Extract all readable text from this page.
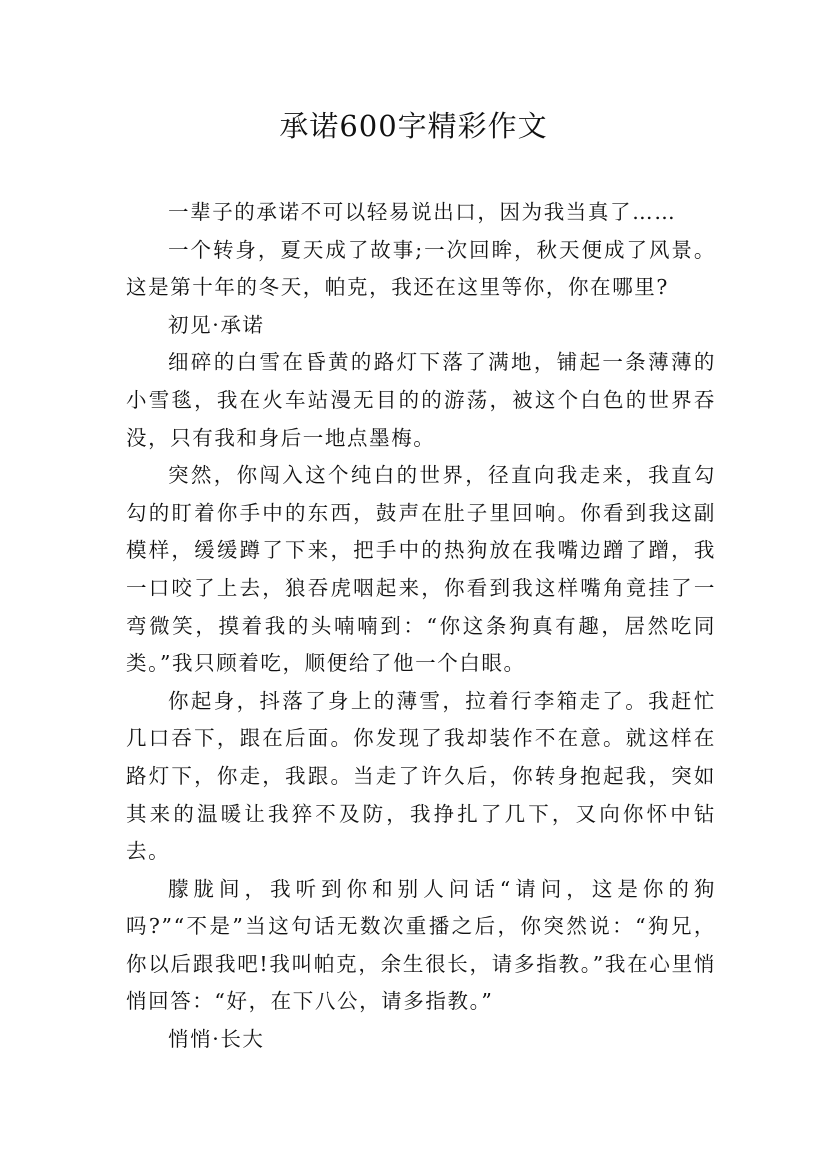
承诺600字精彩作文

一辈子的承诺不可以轻易说出口，因为我当真了……

一个转身，夏天成了故事;一次回眸，秋天便成了风景。这是第十年的冬天，帕克，我还在这里等你，你在哪里?

初见·承诺

细碎的白雪在昏黄的路灯下落了满地，铺起一条薄薄的小雪毯，我在火车站漫无目的的游荡，被这个白色的世界吞没，只有我和身后一地点墨梅。

突然，你闯入这个纯白的世界，径直向我走来，我直勾勾的盯着你手中的东西，鼓声在肚子里回响。你看到我这副模样，缓缓蹲了下来，把手中的热狗放在我嘴边蹭了蹭，我一口咬了上去，狼吞虎咽起来，你看到我这样嘴角竟挂了一弯微笑，摸着我的头喃喃到：“你这条狗真有趣，居然吃同类。”我只顾着吃，顺便给了他一个白眼。

你起身，抖落了身上的薄雪，拉着行李箱走了。我赶忙几口吞下，跟在后面。你发现了我却装作不在意。就这样在路灯下，你走，我跟。当走了许久后，你转身抱起我，突如其来的温暖让我猝不及防，我挣扎了几下，又向你怀中钻去。

朦胧间，我听到你和别人问话“请问，这是你的狗吗?”“不是”当这句话无数次重播之后，你突然说：“狗兄，你以后跟我吧!我叫帕克，余生很长，请多指教。”我在心里悄悄回答：“好，在下八公，请多指教。”

悄悄·长大
